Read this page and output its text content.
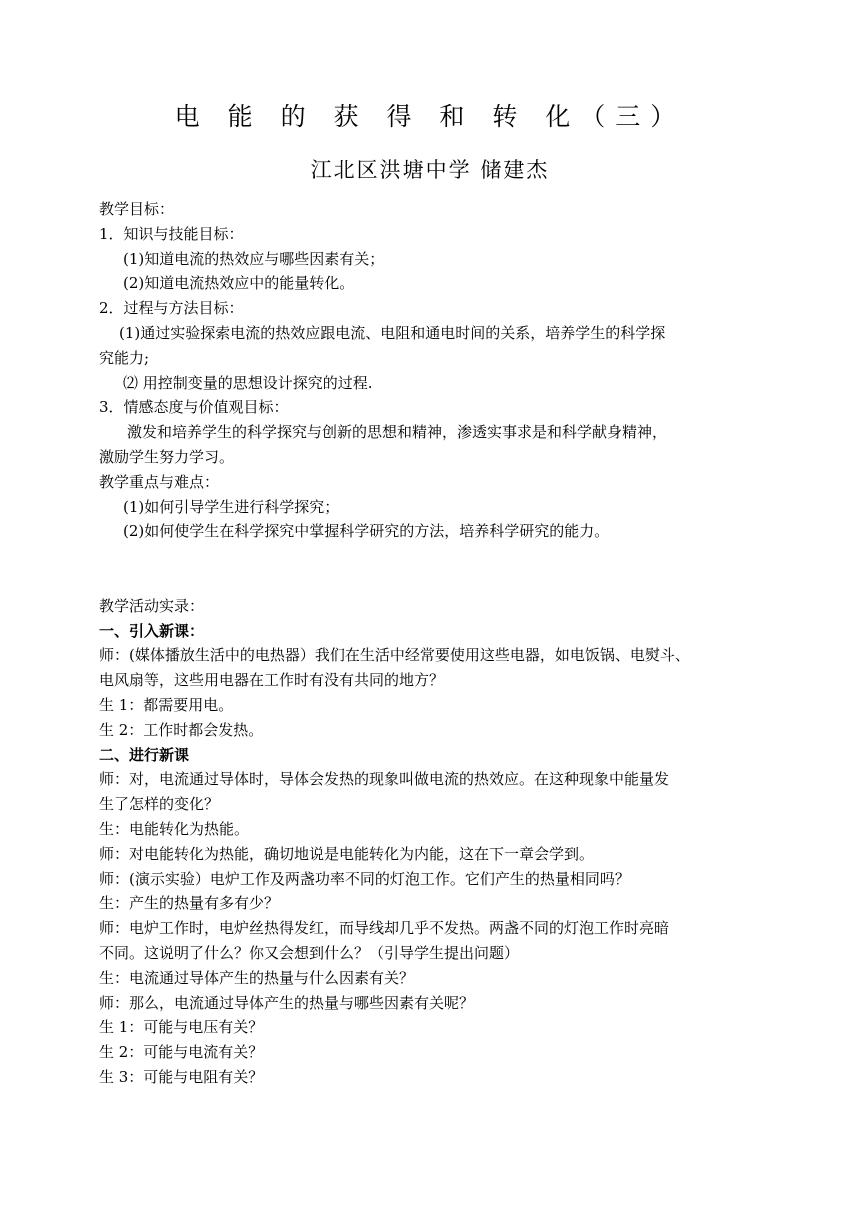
电 能 的 获 得 和 转 化（三）
江北区洪塘中学 储建杰
教学目标：
1．知识与技能目标：
(1)知道电流的热效应与哪些因素有关；
(2)知道电流热效应中的能量转化。
2．过程与方法目标：
(1)通过实验探索电流的热效应跟电流、电阻和通电时间的关系，培养学生的科学探
究能力;
⑵ 用控制变量的思想设计探究的过程.
3．情感态度与价值观目标：
激发和培养学生的科学探究与创新的思想和精神，渗透实事求是和科学献身精神，
激励学生努力学习。
教学重点与难点：
(1)如何引导学生进行科学探究；
(2)如何使学生在科学探究中掌握科学研究的方法，培养科学研究的能力。
教学活动实录：
一、引入新课：
师：(媒体播放生活中的电热器）我们在生活中经常要使用这些电器，如电饭锅、电熨斗、
电风扇等，这些用电器在工作时有没有共同的地方？
生 1：都需要用电。
生 2：工作时都会发热。
二、进行新课
师：对，电流通过导体时，导体会发热的现象叫做电流的热效应。在这种现象中能量发
生了怎样的变化？
生：电能转化为热能。
师：对电能转化为热能，确切地说是电能转化为内能，这在下一章会学到。
师：(演示实验）电炉工作及两盏功率不同的灯泡工作。它们产生的热量相同吗？
生：产生的热量有多有少？
师：电炉工作时，电炉丝热得发红，而导线却几乎不发热。两盏不同的灯泡工作时亮暗
不同。这说明了什么？你又会想到什么？（引导学生提出问题）
生：电流通过导体产生的热量与什么因素有关？
师：那么，电流通过导体产生的热量与哪些因素有关呢？
生 1：可能与电压有关？
生 2：可能与电流有关？
生 3：可能与电阻有关？
